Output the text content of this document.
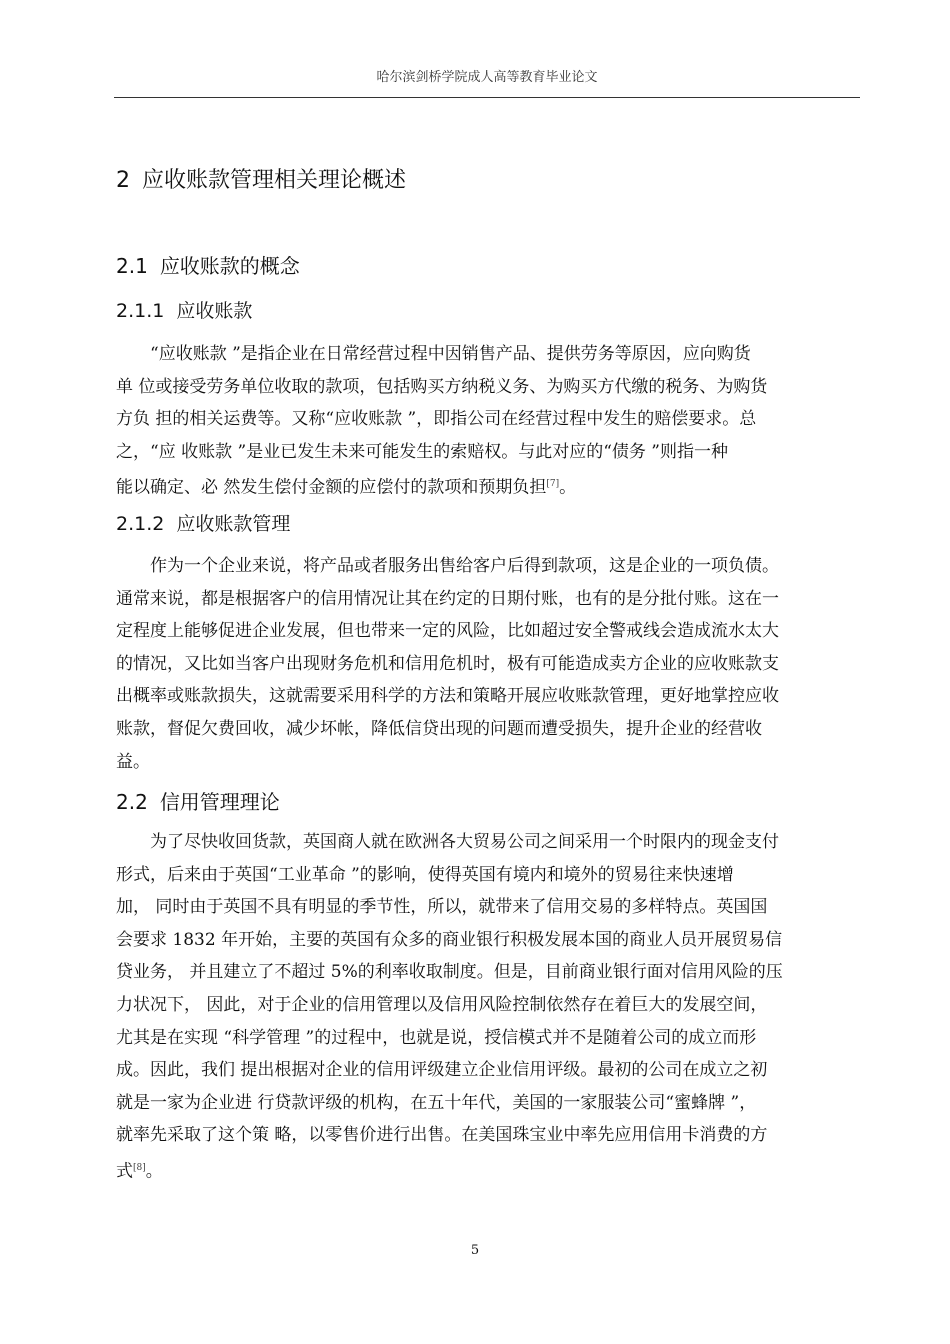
哈尔滨剑桥学院成人高等教育毕业论文
2 应收账款管理相关理论概述
2.1 应收账款的概念
2.1.1 应收账款
“应收账款 ”是指企业在日常经营过程中因销售产品、提供劳务等原因，应向购货
单 位或接受劳务单位收取的款项，包括购买方纳税义务、为购买方代缴的税务、为购货
方负 担的相关运费等。又称“应收账款 ”，即指公司在经营过程中发生的赔偿要求。总
之，“应 收账款 ”是业已发生未来可能发生的索赔权。与此对应的“债务 ”则指一种
能以确定、必 然发生偿付金额的应偿付的款项和预期负担[7]。
2.1.2 应收账款管理
作为一个企业来说，将产品或者服务出售给客户后得到款项，这是企业的一项负债。
通常来说，都是根据客户的信用情况让其在约定的日期付账，也有的是分批付账。这在一
定程度上能够促进企业发展，但也带来一定的风险，比如超过安全警戒线会造成流水太大
的情况，又比如当客户出现财务危机和信用危机时，极有可能造成卖方企业的应收账款支
出概率或账款损失，这就需要采用科学的方法和策略开展应收账款管理，更好地掌控应收
账款，督促欠费回收，减少坏帐，降低信贷出现的问题而遭受损失，提升企业的经营收
益。
2.2 信用管理理论
为了尽快收回货款，英国商人就在欧洲各大贸易公司之间采用一个时限内的现金支付
形式，后来由于英国“工业革命 ”的影响，使得英国有境内和境外的贸易往来快速增
加， 同时由于英国不具有明显的季节性，所以，就带来了信用交易的多样特点。英国国
会要求 1832 年开始，主要的英国有众多的商业银行积极发展本国的商业人员开展贸易信
贷业务， 并且建立了不超过 5%的利率收取制度。但是，目前商业银行面对信用风险的压
力状况下， 因此，对于企业的信用管理以及信用风险控制依然存在着巨大的发展空间，
尤其是在实现 “科学管理 ”的过程中，也就是说，授信模式并不是随着公司的成立而形
成。因此，我们 提出根据对企业的信用评级建立企业信用评级。最初的公司在成立之初
就是一家为企业进 行贷款评级的机构，在五十年代，美国的一家服装公司“蜜蜂牌 ”，
就率先采取了这个策 略，以零售价进行出售。在美国珠宝业中率先应用信用卡消费的方
式[8]。
5
